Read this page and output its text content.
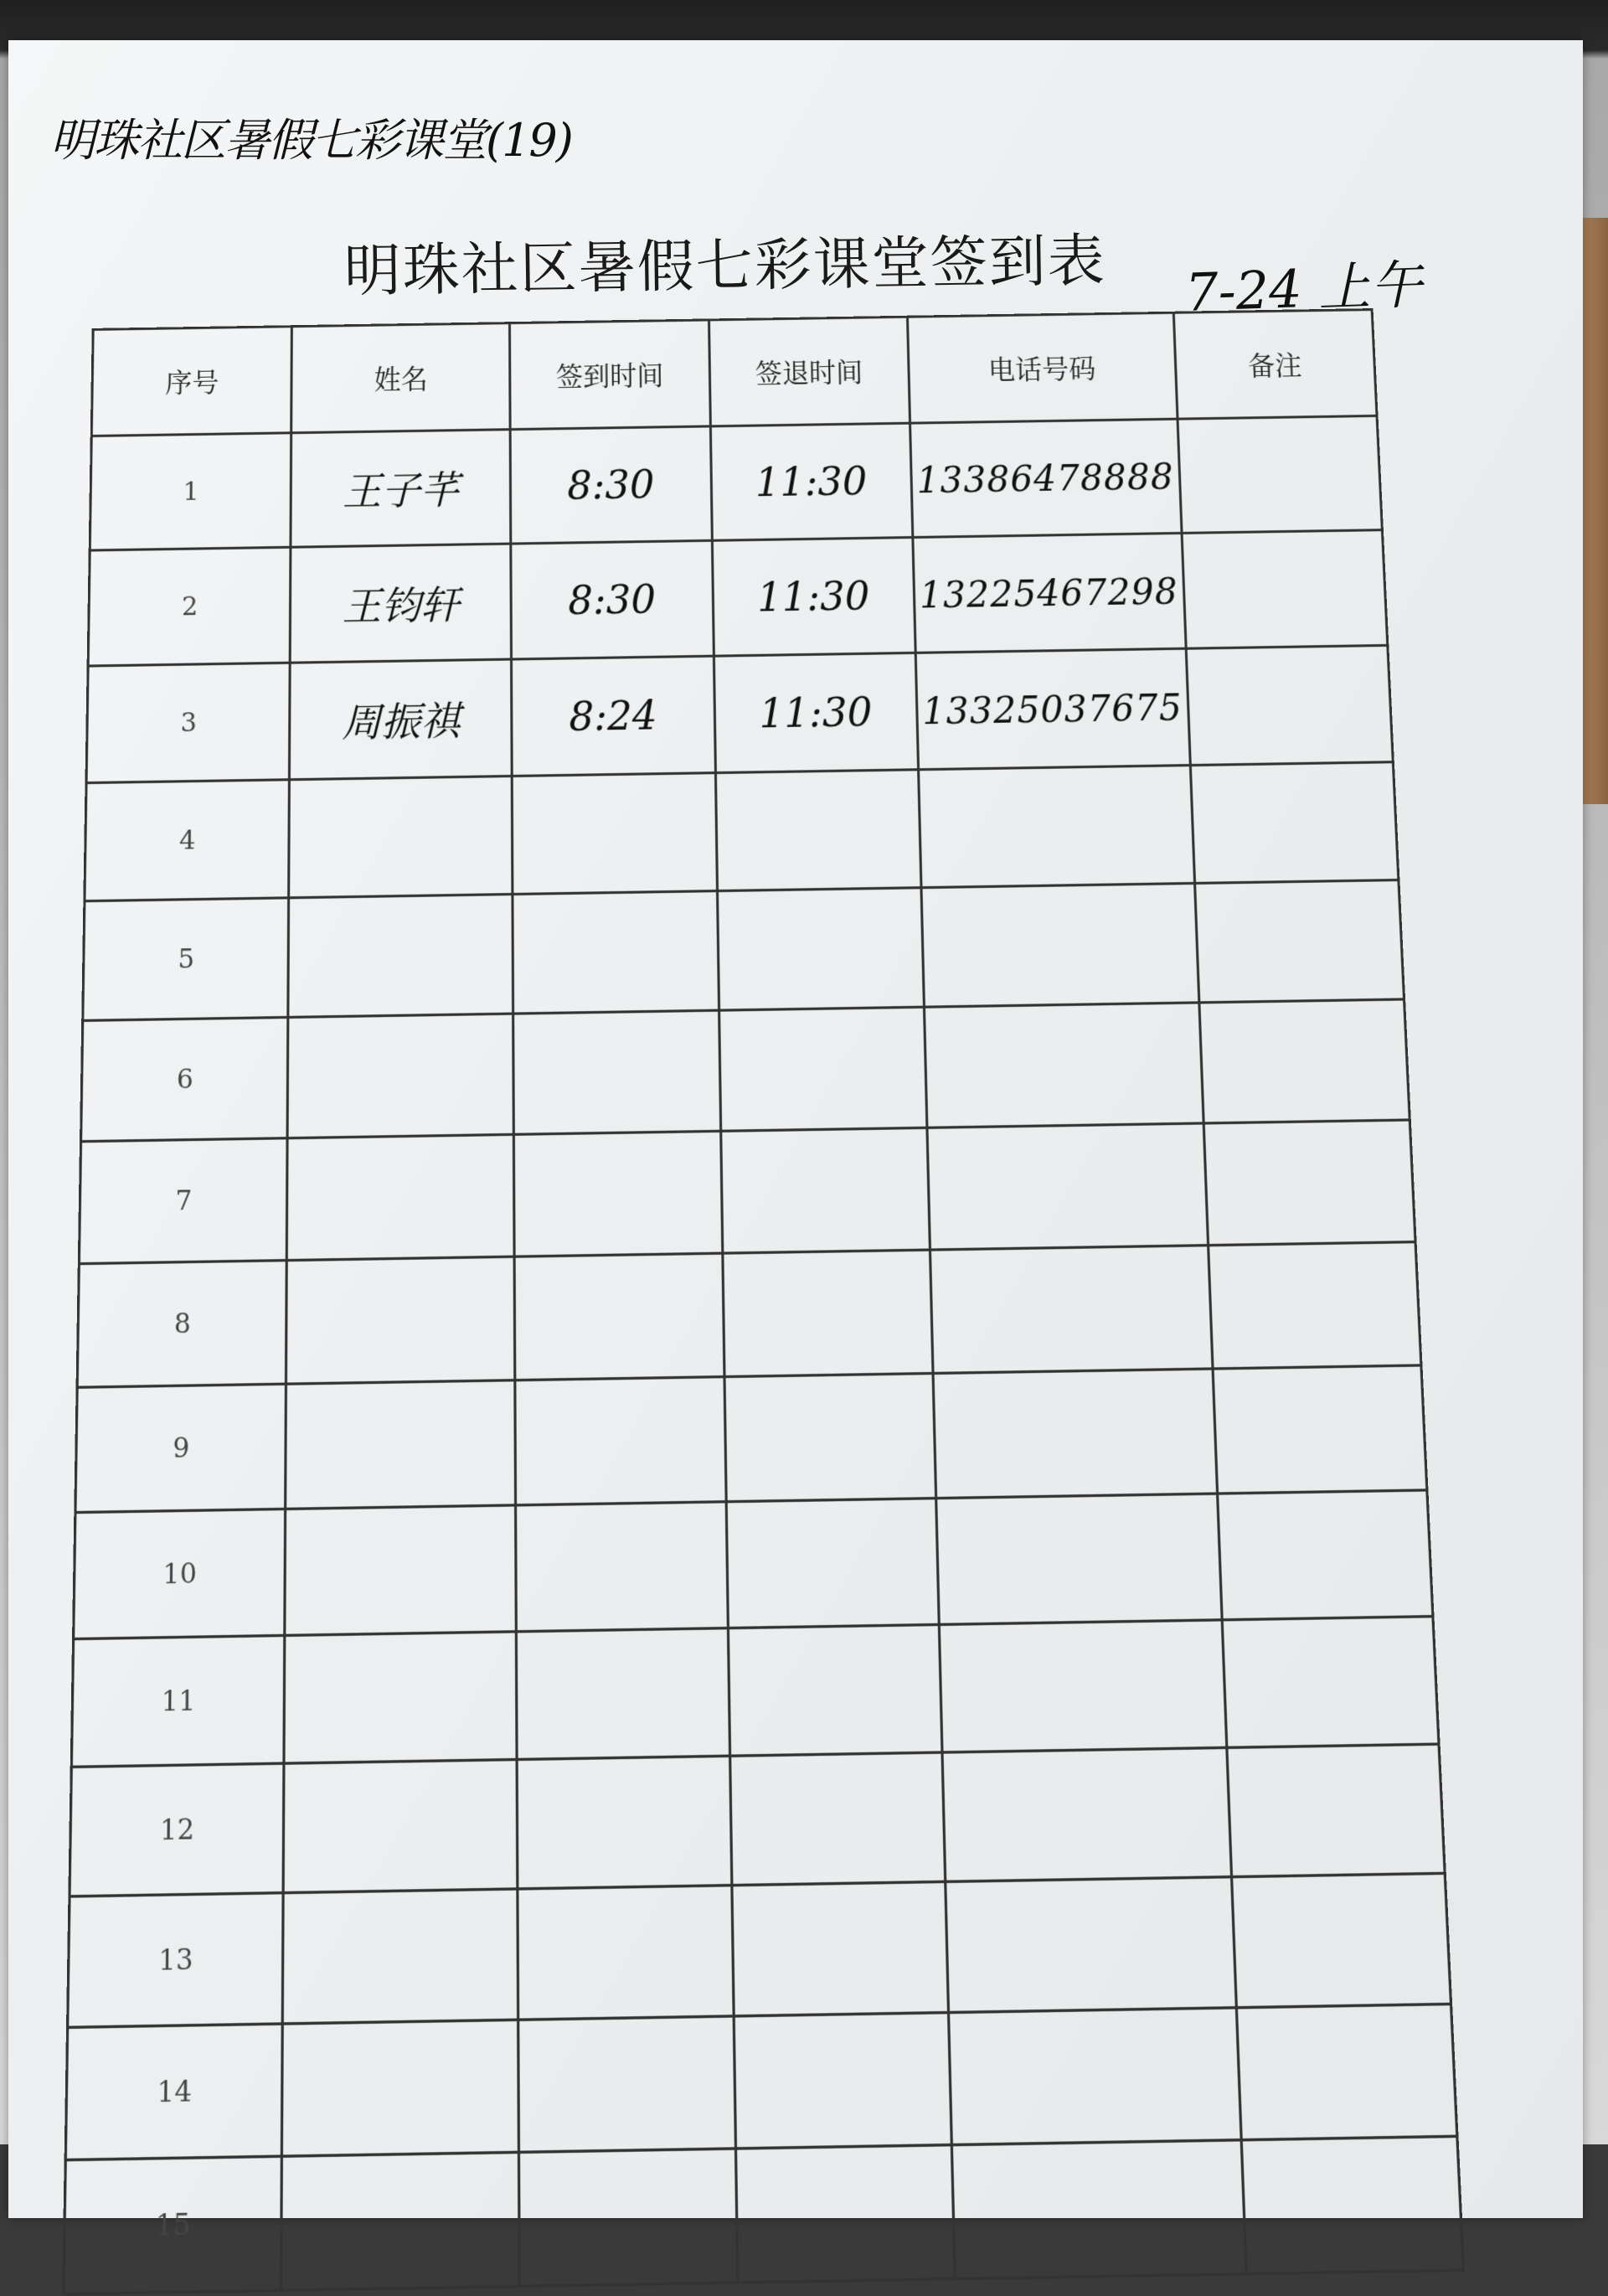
明珠社区暑假七彩课堂(19)
明珠社区暑假七彩课堂签到表 7-24 上午
序号	姓名	签到时间	签退时间	电话号码	备注
1	王子芊	8:30	11:30	13386478888	
2	王钧轩	8:30	11:30	13225467298	
3	周振祺	8:24	11:30	13325037675	
4					
5					
6					
7					
8					
9					
10					
11					
12					
13					
14					
15					
